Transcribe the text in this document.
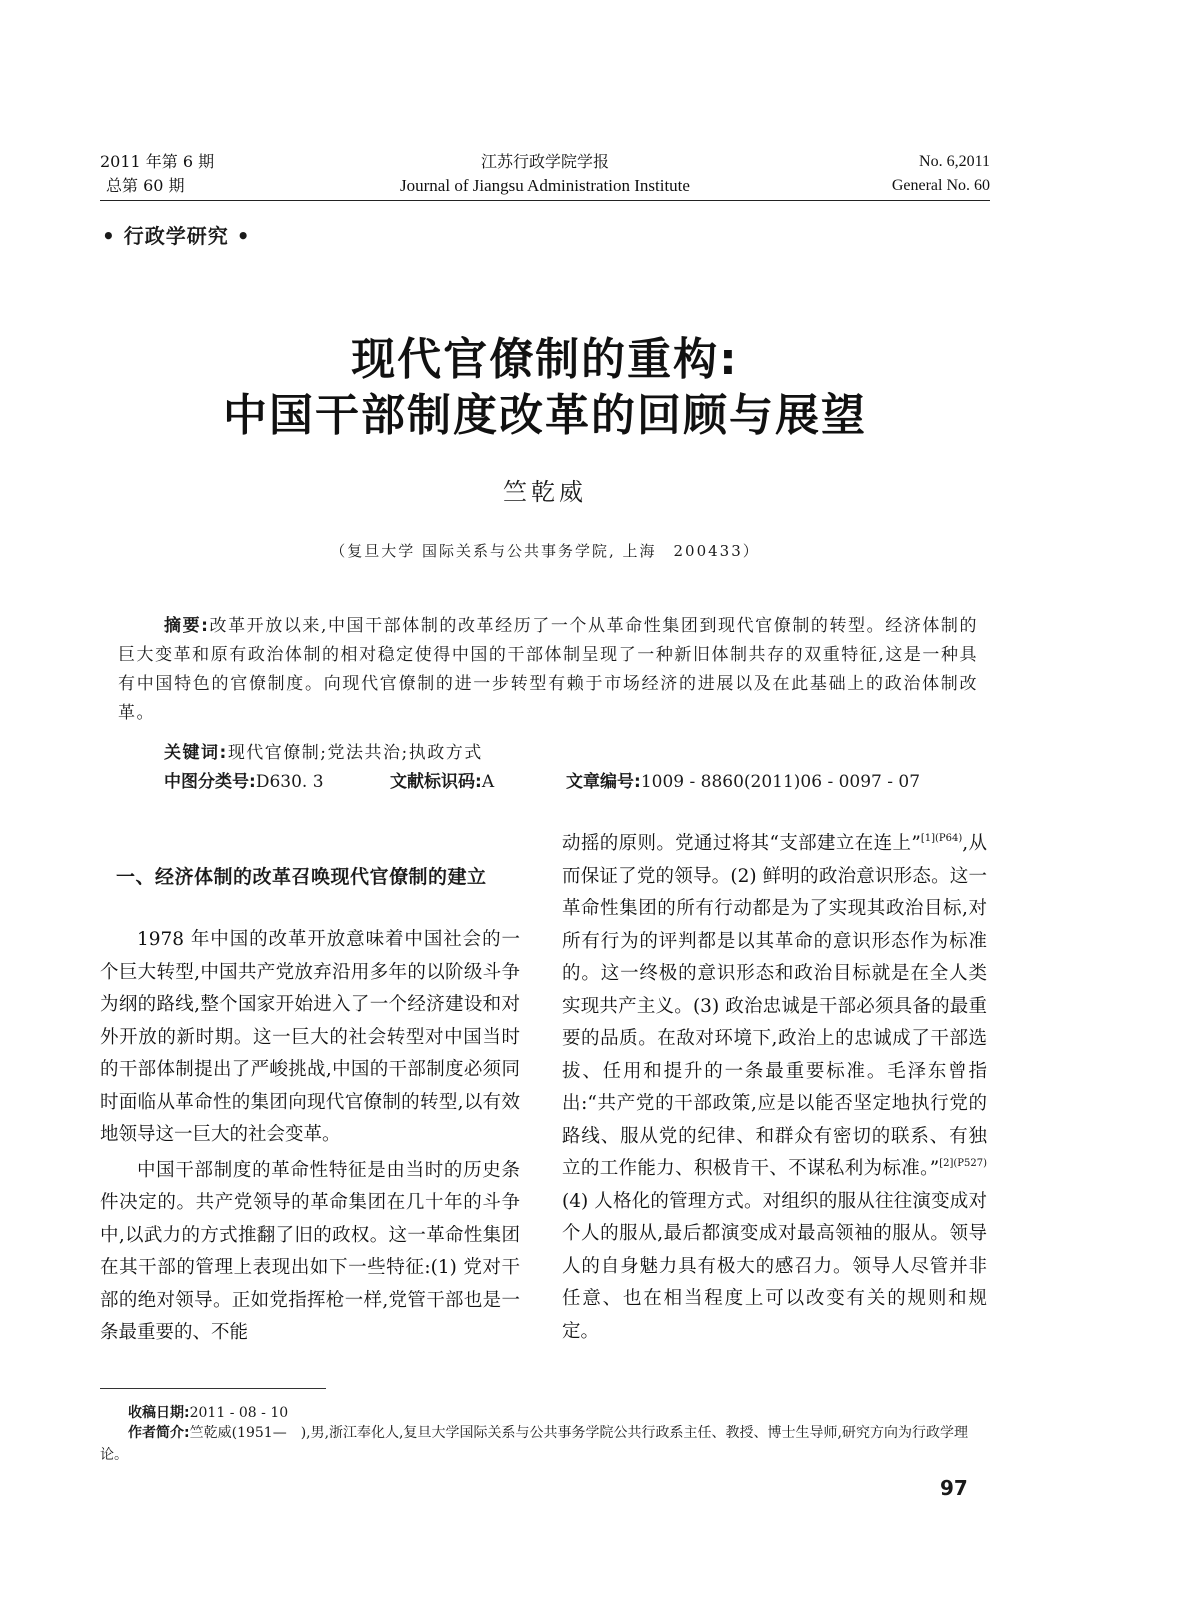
2011 年第 6 期
总第 60 期
江苏行政学院学报
Journal of Jiangsu Administration Institute
No. 6,2011
General No. 60
• 行政学研究 •
现代官僚制的重构:
中国干部制度改革的回顾与展望
竺乾威
（复旦大学 国际关系与公共事务学院, 上海　200433）
摘要:改革开放以来,中国干部体制的改革经历了一个从革命性集团到现代官僚制的转型。经济体制的巨大变革和原有政治体制的相对稳定使得中国的干部体制呈现了一种新旧体制共存的双重特征,这是一种具有中国特色的官僚制度。向现代官僚制的进一步转型有赖于市场经济的进展以及在此基础上的政治体制改革。
关键词:现代官僚制;党法共治;执政方式
中图分类号:D630. 3	文献标识码:A	文章编号:1009 - 8860(2011)06 - 0097 - 07
一、经济体制的改革召唤现代官僚制的建立

1978 年中国的改革开放意味着中国社会的一个巨大转型,中国共产党放弃沿用多年的以阶级斗争为纲的路线,整个国家开始进入了一个经济建设和对外开放的新时期。这一巨大的社会转型对中国当时的干部体制提出了严峻挑战,中国的干部制度必须同时面临从革命性的集团向现代官僚制的转型,以有效地领导这一巨大的社会变革。

中国干部制度的革命性特征是由当时的历史条件决定的。共产党领导的革命集团在几十年的斗争中,以武力的方式推翻了旧的政权。这一革命性集团在其干部的管理上表现出如下一些特征:(1) 党对干部的绝对领导。正如党指挥枪一样,党管干部也是一条最重要的、不能

动摇的原则。党通过将其“支部建立在连上”$^{[1](P64)}$,从而保证了党的领导。(2) 鲜明的政治意识形态。这一革命性集团的所有行动都是为了实现其政治目标,对所有行为的评判都是以其革命的意识形态作为标准的。这一终极的意识形态和政治目标就是在全人类实现共产主义。(3) 政治忠诚是干部必须具备的最重要的品质。在敌对环境下,政治上的忠诚成了干部选拔、任用和提升的一条最重要标准。毛泽东曾指出:“共产党的干部政策,应是以能否坚定地执行党的路线、服从党的纪律、和群众有密切的联系、有独立的工作能力、积极肯干、不谋私利为标准。”$^{[2](P527)}$(4) 人格化的管理方式。对组织的服从往往演变成对个人的服从,最后都演变成对最高领袖的服从。领导人的自身魅力具有极大的感召力。领导人尽管并非任意、也在相当程度上可以改变有关的规则和规定。

收稿日期:2011 - 08 - 10
作者简介:竺乾威(1951—　),男,浙江奉化人,复旦大学国际关系与公共事务学院公共行政系主任、教授、博士生导师,研究方向为行政学理论。
97
